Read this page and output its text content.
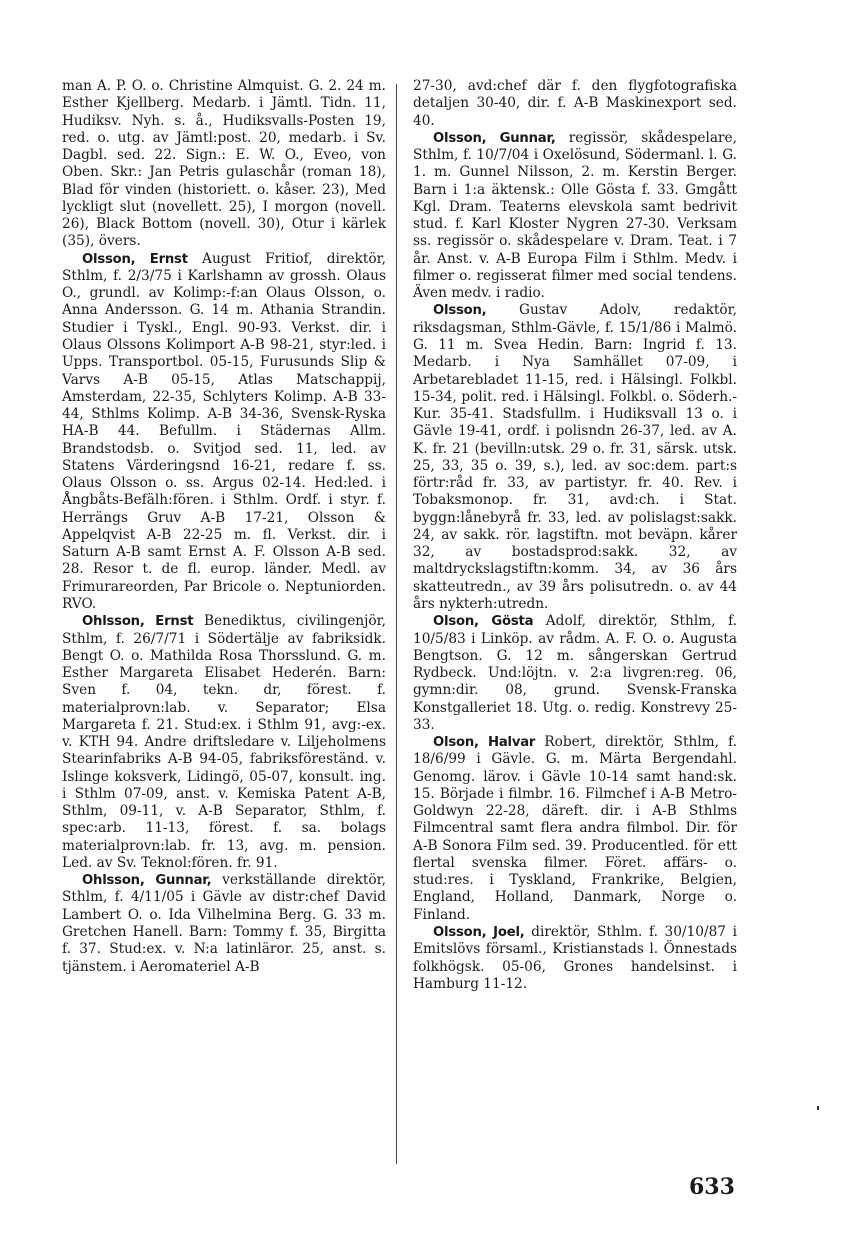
man A. P. O. o. Christine Almquist. G. 2. 24 m. Esther Kjellberg. Medarb. i Jämtl. Tidn. 11, Hudiksv. Nyh. s. å., Hudiksvalls-Posten 19, red. o. utg. av Jämtl:post. 20, medarb. i Sv. Dagbl. sed. 22. Sign.: E. W. O., Eveo, von Oben. Skr.: Jan Petris gulaschår (roman 18), Blad för vinden (historiett. o. kåser. 23), Med lyckligt slut (novellett. 25), I morgon (novell. 26), Black Bottom (novell. 30), Otur i kärlek (35), övers.

Olsson, Ernst August Fritiof, direktör, Sthlm, f. 2/3/75 i Karlshamn av grossh. Olaus O., grundl. av Kolimp:-f:an Olaus Olsson, o. Anna Andersson. G. 14 m. Athania Strandin. Studier i Tyskl., Engl. 90-93. Verkst. dir. i Olaus Olssons Kolimport A-B 98-21, styr:led. i Upps. Transportbol. 05-15, Furusunds Slip & Varvs A-B 05-15, Atlas Matschappij, Amsterdam, 22-35, Schlyters Kolimp. A-B 33-44, Sthlms Kolimp. A-B 34-36, Svensk-Ryska HA-B 44. Befullm. i Städernas Allm. Brandstodsb. o. Svitjod sed. 11, led. av Statens Värderingsnd 16-21, redare f. ss. Olaus Olsson o. ss. Argus 02-14. Hed:led. i Ångbåts-Befälh:fören. i Sthlm. Ordf. i styr. f. Herrängs Gruv A-B 17-21, Olsson & Appelqvist A-B 22-25 m. fl. Verkst. dir. i Saturn A-B samt Ernst A. F. Olsson A-B sed. 28. Resor t. de fl. europ. länder. Medl. av Frimurareorden, Par Bricole o. Neptuniorden. RVO.

Ohlsson, Ernst Benediktus, civilingenjör, Sthlm, f. 26/7/71 i Södertälje av fabriksidk. Bengt O. o. Mathilda Rosa Thorsslund. G. m. Esther Margareta Elisabet Hederén. Barn: Sven f. 04, tekn. dr, förest. f. materialprovn:lab. v. Separator; Elsa Margareta f. 21. Stud:ex. i Sthlm 91, avg:-ex. v. KTH 94. Andre driftsledare v. Liljeholmens Stearinfabriks A-B 94-05, fabriksföreständ. v. Islinge koksverk, Lidingö, 05-07, konsult. ing. i Sthlm 07-09, anst. v. Kemiska Patent A-B, Sthlm, 09-11, v. A-B Separator, Sthlm, f. spec:arb. 11-13, förest. f. sa. bolags materialprovn:lab. fr. 13, avg. m. pension. Led. av Sv. Teknol:fören. fr. 91.

Ohlsson, Gunnar, verkställande direktör, Sthlm, f. 4/11/05 i Gävle av distr:chef David Lambert O. o. Ida Vilhelmina Berg. G. 33 m. Gretchen Hanell. Barn: Tommy f. 35, Birgitta f. 37. Stud:ex. v. N:a latinläror. 25, anst. s. tjänstem. i Aeromateriel A-B

27-30, avd:chef där f. den flygfotografiska detaljen 30-40, dir. f. A-B Maskinexport sed. 40.

Olsson, Gunnar, regissör, skådespelare, Sthlm, f. 10/7/04 i Oxelösund, Södermanl. l. G. 1. m. Gunnel Nilsson, 2. m. Kerstin Berger. Barn i 1:a äktensk.: Olle Gösta f. 33. Gmgått Kgl. Dram. Teaterns elevskola samt bedrivit stud. f. Karl Kloster Nygren 27-30. Verksam ss. regissör o. skådespelare v. Dram. Teat. i 7 år. Anst. v. A-B Europa Film i Sthlm. Medv. i filmer o. regisserat filmer med social tendens. Även medv. i radio.

Olsson, Gustav Adolv, redaktör, riksdagsman, Sthlm-Gävle, f. 15/1/86 i Malmö. G. 11 m. Svea Hedin. Barn: Ingrid f. 13. Medarb. i Nya Samhället 07-09, i Arbetarebladet 11-15, red. i Hälsingl. Folkbl. 15-34, polit. red. i Hälsingl. Folkbl. o. Söderh.-Kur. 35-41. Stadsfullm. i Hudiksvall 13 o. i Gävle 19-41, ordf. i polisndn 26-37, led. av A. K. fr. 21 (bevilln:utsk. 29 o. fr. 31, särsk. utsk. 25, 33, 35 o. 39, s.), led. av soc:dem. part:s förtr:råd fr. 33, av partistyr. fr. 40. Rev. i Tobaksmonop. fr. 31, avd:ch. i Stat. byggn:lånebyrå fr. 33, led. av polislagst:sakk. 24, av sakk. rör. lagstiftn. mot beväpn. kårer 32, av bostadsprod:sakk. 32, av maltdryckslagstiftn:komm. 34, av 36 års skatteutredn., av 39 års polisutredn. o. av 44 års nykterh:utredn.

Olson, Gösta Adolf, direktör, Sthlm, f. 10/5/83 i Linköp. av rådm. A. F. O. o. Augusta Bengtson. G. 12 m. sångerskan Gertrud Rydbeck. Und:löjtn. v. 2:a livgren:reg. 06, gymn:dir. 08, grund. Svensk-Franska Konstgalleriet 18. Utg. o. redig. Konstrevy 25-33.

Olson, Halvar Robert, direktör, Sthlm, f. 18/6/99 i Gävle. G. m. Märta Bergendahl. Genomg. lärov. i Gävle 10-14 samt hand:sk. 15. Började i filmbr. 16. Filmchef i A-B Metro-Goldwyn 22-28, däreft. dir. i A-B Sthlms Filmcentral samt flera andra filmbol. Dir. för A-B Sonora Film sed. 39. Producentled. för ett flertal svenska filmer. Föret. affärs- o. stud:res. i Tyskland, Frankrike, Belgien, England, Holland, Danmark, Norge o. Finland.

Olsson, Joel, direktör, Sthlm. f. 30/10/87 i Emitslövs församl., Kristianstads l. Önnestads folkhögsk. 05-06, Grones handelsinst. i Hamburg 11-12.

633
